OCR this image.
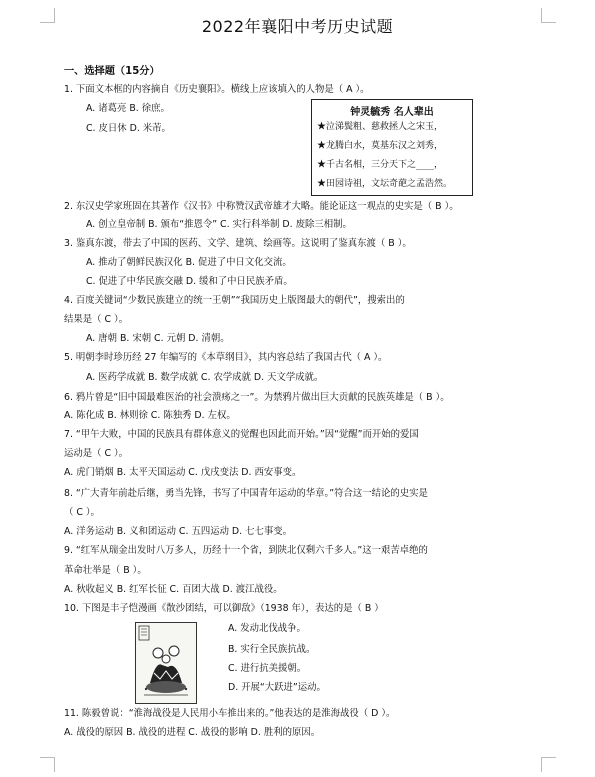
2022年襄阳中考历史试题
一、选择题（15分）
1. 下面文本框的内容摘自《历史襄阳》。横线上应该填入的人物是（ A ）。
A. 诸葛亮 B. 徐庶。
C. 皮日休 D. 米芾。
钟灵毓秀 名人辈出
★泣涕鬓粗、慈救拯人之宋玉，
★龙腾白水，莫基东汉之刘秀，
★千古名相，三分天下之____，
★田园诗祖，文坛奇葩之孟浩然。
2. 东汉史学家班固在其著作《汉书》中称赞汉武帝雄才大略。能论证这一观点的史实是（ B ）。
A. 创立皇帝制 B. 颁布“推恩令” C. 实行科举制 D. 废除三相制。
3. 鉴真东渡，带去了中国的医药、文学、建筑、绘画等。这说明了鉴真东渡（ B ）。
A. 推动了朝鲜民族汉化 B. 促进了中日文化交流。
C. 促进了中华民族交融 D. 缓和了中日民族矛盾。
4. 百度关键词“少数民族建立的统一王朝”“我国历史上版图最大的朝代”，搜索出的
结果是（ C ）。
A. 唐朝 B. 宋朝 C. 元朝 D. 清朝。
5. 明朝李时珍历经 27 年编写的《本草纲目》，其内容总结了我国古代（ A ）。
A. 医药学成就 B. 数学成就 C. 农学成就 D. 天文学成就。
6. 鸦片曾是“旧中国最难医治的社会溃疡之一”。为禁鸦片做出巨大贡献的民族英雄是（ B ）。
A. 陈化成 B. 林则徐 C. 陈独秀 D. 左权。
7. “甲午大败，中国的民族具有群体意义的觉醒也因此而开始。”因“觉醒”而开始的爱国
运动是（ C ）。
A. 虎门销烟 B. 太平天国运动 C. 戊戌变法 D. 西安事变。
8. “广大青年前赴后继，勇当先锋，书写了中国青年运动的华章。”符合这一结论的史实是
（ C ）。
A. 洋务运动 B. 义和团运动 C. 五四运动 D. 七七事变。
9. “红军从瑞金出发时八万多人，历经十一个省，到陕北仅剩六千多人。”这一艰苦卓绝的
革命壮举是（ B ）。
A. 秋收起义 B. 红军长征 C. 百团大战 D. 渡江战役。
10. 下图是丰子恺漫画《散沙团结，可以御敌》（1938 年），表达的是（ B ）
A. 发动北伐战争。
B. 实行全民族抗战。
C. 进行抗美援朝。
D. 开展“大跃进”运动。
11. 陈毅曾说：“淮海战役是人民用小车推出来的。”他表达的是淮海战役（ D ）。
A. 战役的原因 B. 战役的进程 C. 战役的影响 D. 胜利的原因。
